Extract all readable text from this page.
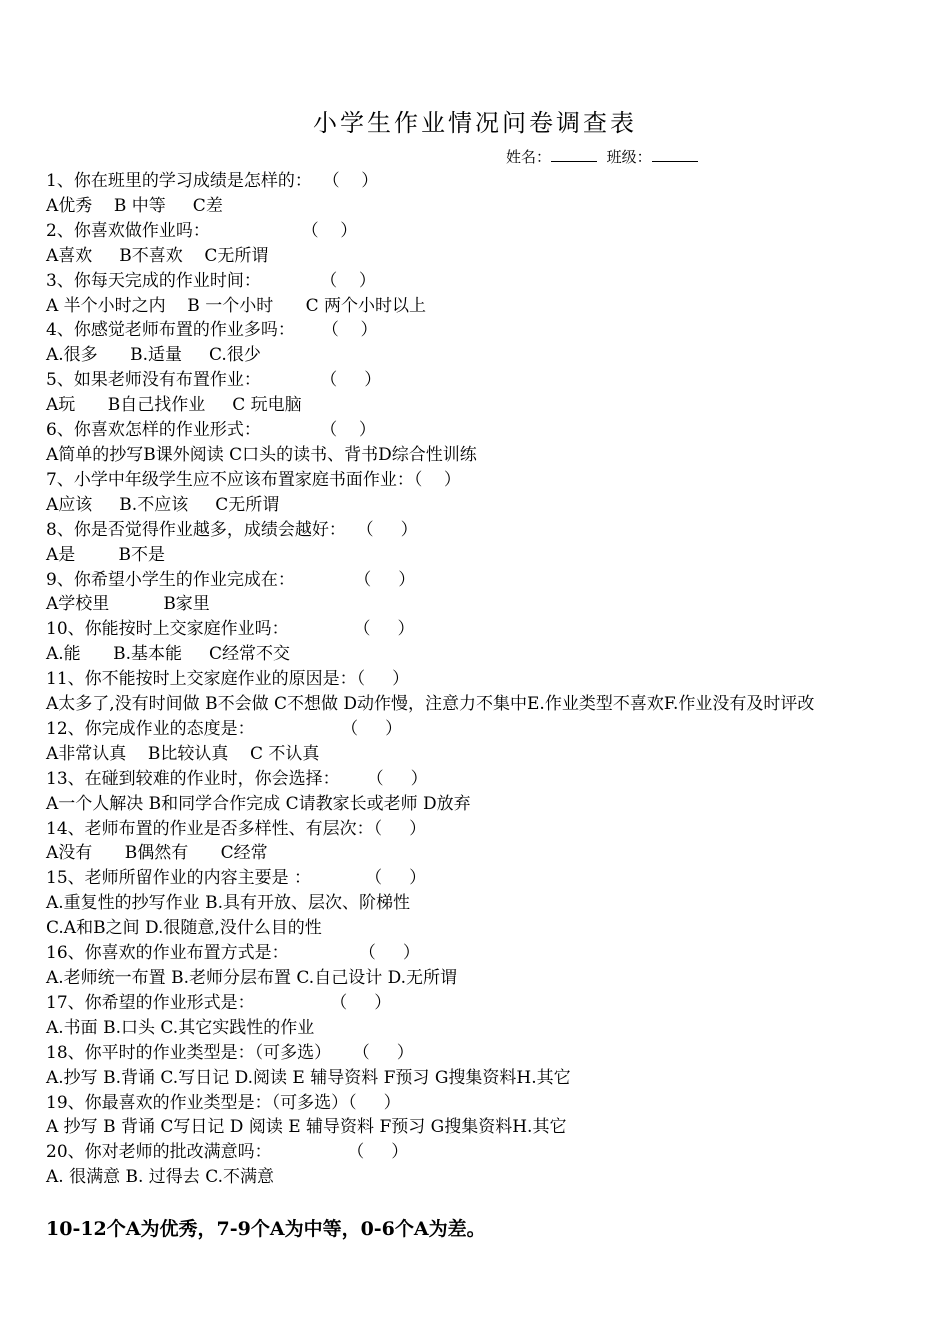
小学生作业情况问卷调查表
姓名：	班级：
1、你在班里的学习成绩是怎样的：  （    ）
A优秀    B 中等     C差
2、你喜欢做作业吗：                 （    ）
A喜欢     B不喜欢    C无所谓
3、你每天完成的作业时间：           （    ）
A 半个小时之内    B 一个小时      C 两个小时以上
4、你感觉老师布置的作业多吗：     （    ）
A.很多      B.适量     C.很少
5、如果老师没有布置作业：           （     ）
A玩      B自己找作业     C 玩电脑
6、你喜欢怎样的作业形式：           （    ）
A简单的抄写B课外阅读 C口头的读书、背书D综合性训练
7、小学中年级学生应不应该布置家庭书面作业：（    ）
A应该     B.不应该     C无所谓
8、你是否觉得作业越多，成绩会越好：  （     ）
A是        B不是
9、你希望小学生的作业完成在：           （     ）
A学校里          B家里
10、你能按时上交家庭作业吗：            （     ）
A.能      B.基本能     C经常不交
11、你不能按时上交家庭作业的原因是：（     ）
A太多了,没有时间做 B不会做 C不想做 D动作慢，注意力不集中E.作业类型不喜欢F.作业没有及时评改
12、你完成作业的态度是：                （     ）
A非常认真    B比较认真    C 不认真
13、在碰到较难的作业时，你会选择：     （     ）
A一个人解决 B和同学合作完成 C请教家长或老师 D放弃
14、老师布置的作业是否多样性、有层次：（     ）
A没有      B偶然有      C经常
15、老师所留作业的内容主要是 ：          （     ）
A.重复性的抄写作业 B.具有开放、层次、阶梯性
C.A和B之间 D.很随意,没什么目的性
16、你喜欢的作业布置方式是：             （     ）
A.老师统一布置 B.老师分层布置 C.自己设计 D.无所谓
17、你希望的作业形式是：              （     ）
A.书面 B.口头 C.其它实践性的作业
18、你平时的作业类型是：（可多选）    （     ）
A.抄写 B.背诵 C.写日记 D.阅读 E 辅导资料 F预习 G搜集资料H.其它
19、你最喜欢的作业类型是：（可多选）（     ）
A 抄写 B 背诵 C写日记 D 阅读 E 辅导资料 F预习 G搜集资料H.其它
20、你对老师的批改满意吗：              （     ）
A. 很满意 B. 过得去 C.不满意
10-12个A为优秀，7-9个A为中等，0-6个A为差。
